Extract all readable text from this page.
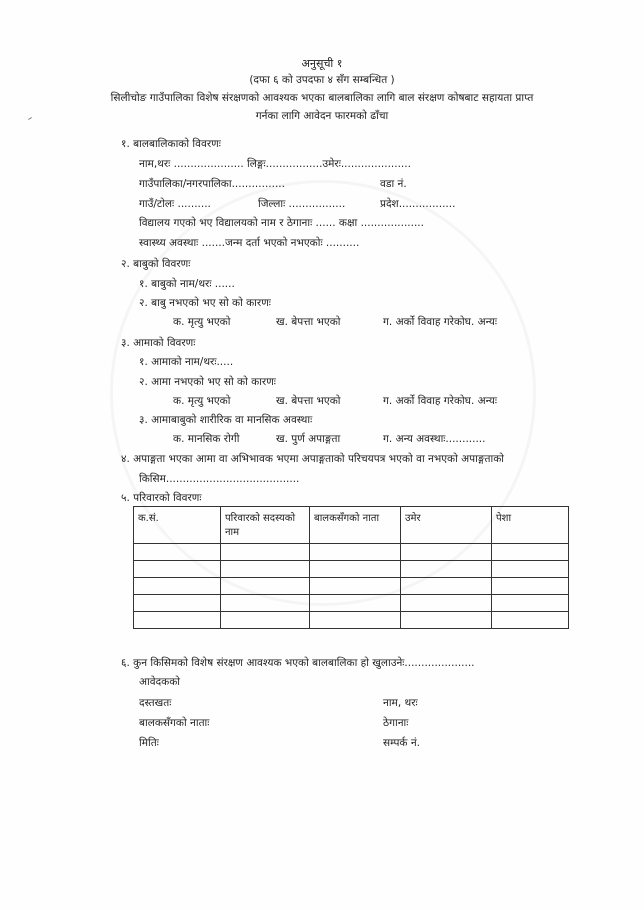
अनुसूची १
(दफा ६ को उपदफा ४ सँग सम्बन्धित )
सिलीचोङ गाउँपालिका विशेष संरक्षणको आवश्यक भएका बालबालिका लागि बाल संरक्षण कोषबाट सहायता प्राप्त
गर्नका लागि आवेदन फारमको ढाँचा
१. बालबालिकाको विवरणः
नाम,थरः ..................... लिङ्गः.................उमेरः.....................
गाउँपालिका/नगरपालिका................	वडा नं.
गाउँ/टोलः ..........	जिल्लाः .................	प्रदेश.................
विद्यालय गएको भए विद्यालयको नाम र ठेगानाः ...... कक्षा ...................
स्वास्थ्य अवस्थाः .......जन्म दर्ता भएको नभएकोः ..........
२. बाबुको विवरणः
१. बाबुको नाम/थरः ......
२. बाबु नभएको भए सो को कारणः
क. मृत्यु भएको	ख. बेपत्ता भएको	ग. अर्को विवाह गरेकोघ. अन्यः
३. आमाको विवरणः
१. आमाको नाम/थरः.....
२. आमा नभएको भए सो को कारणः
क. मृत्यु भएको	ख. बेपत्ता भएको	ग. अर्को विवाह गरेकोघ. अन्यः
३. आमाबाबुको शारीरिक वा मानसिक अवस्थाः
क. मानसिक रोगी	ख. पुर्ण अपाङ्गता	ग. अन्य अवस्थाः............
४. अपाङ्गता भएका आमा वा अभिभावक भएमा अपाङ्गताको परिचयपत्र भएको वा नभएको अपाङ्गताको
किसिम........................................
५. परिवारको विवरणः
क.सं.	परिवारको सदस्यको नाम	बालकसँगको नाता	उमेर	पेशा

६. कुन किसिमको विशेष संरक्षण आवश्यक भएको बालबालिका हो खुलाउनेः.....................
आवेदकको
दस्तखतः	नाम, थरः
बालकसँगको नाताः	ठेगानाः
मितिः	सम्पर्क नं.
